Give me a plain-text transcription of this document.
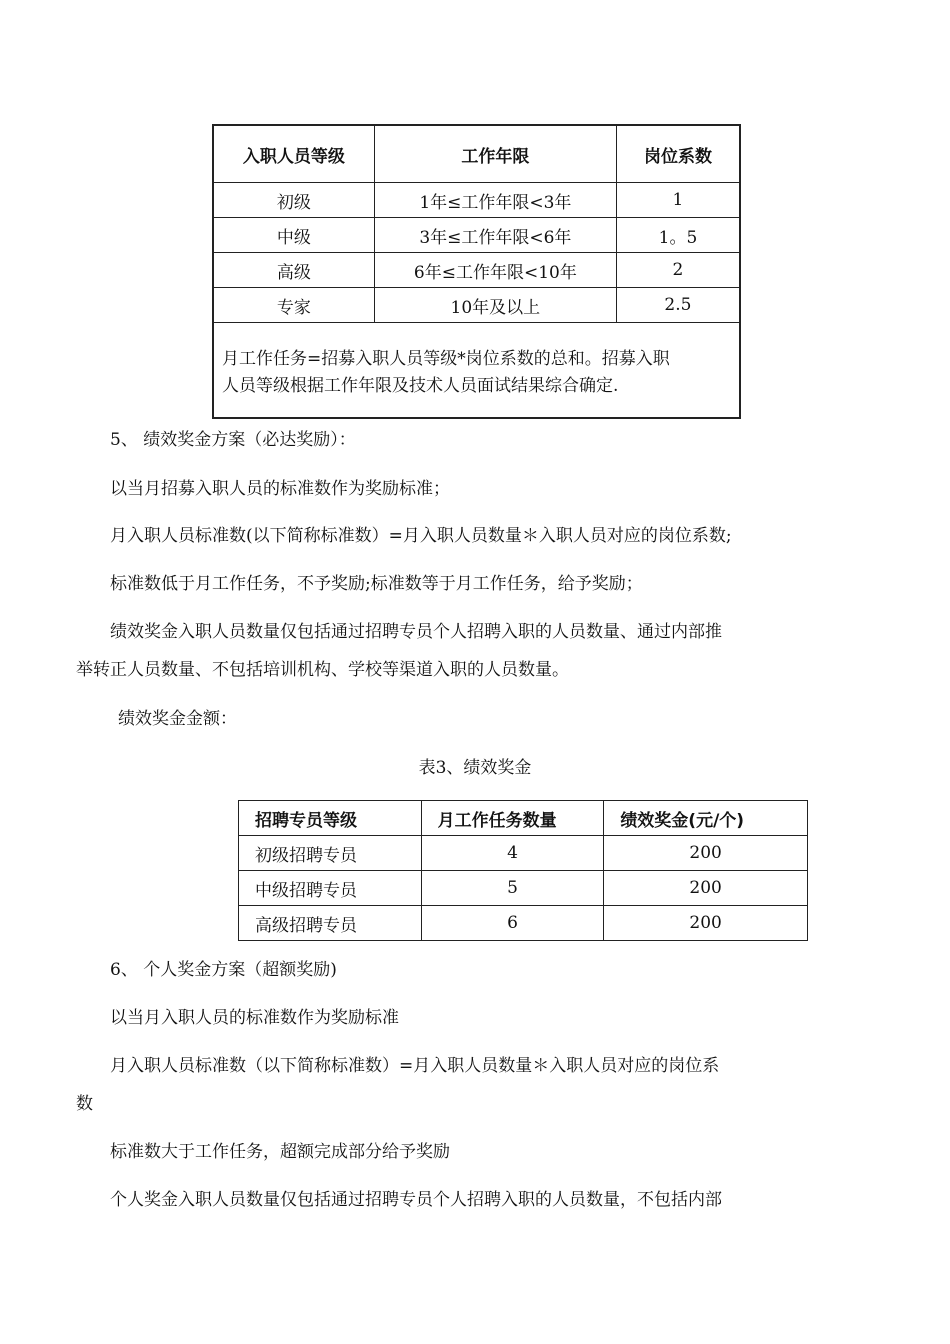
入职人员等级	工作年限	岗位系数
初级	1年≤工作年限<3年	1
中级	3年≤工作年限<6年	1。5
高级	6年≤工作年限<10年	2
专家	10年及以上	2.5

月工作任务=招募入职人员等级*岗位系数的总和。招募入职
人员等级根据工作年限及技术人员面试结果综合确定.		

5、 绩效奖金方案（必达奖励）：

以当月招募入职人员的标准数作为奖励标准；

月入职人员标准数(以下简称标准数）=月入职人员数量＊入职人员对应的岗位系数;

标准数低于月工作任务，不予奖励;标准数等于月工作任务，给予奖励；

绩效奖金入职人员数量仅包括通过招聘专员个人招聘入职的人员数量、通过内部推

举转正人员数量、不包括培训机构、学校等渠道入职的人员数量。

绩效奖金金额：

表3、绩效奖金
招聘专员等级	月工作任务数量	绩效奖金(元/个)
初级招聘专员	4	200
中级招聘专员	5	200
高级招聘专员	6	200

6、 个人奖金方案（超额奖励)

以当月入职人员的标准数作为奖励标准

月入职人员标准数（以下简称标准数）=月入职人员数量＊入职人员对应的岗位系

数

标准数大于工作任务，超额完成部分给予奖励

个人奖金入职人员数量仅包括通过招聘专员个人招聘入职的人员数量，不包括内部
